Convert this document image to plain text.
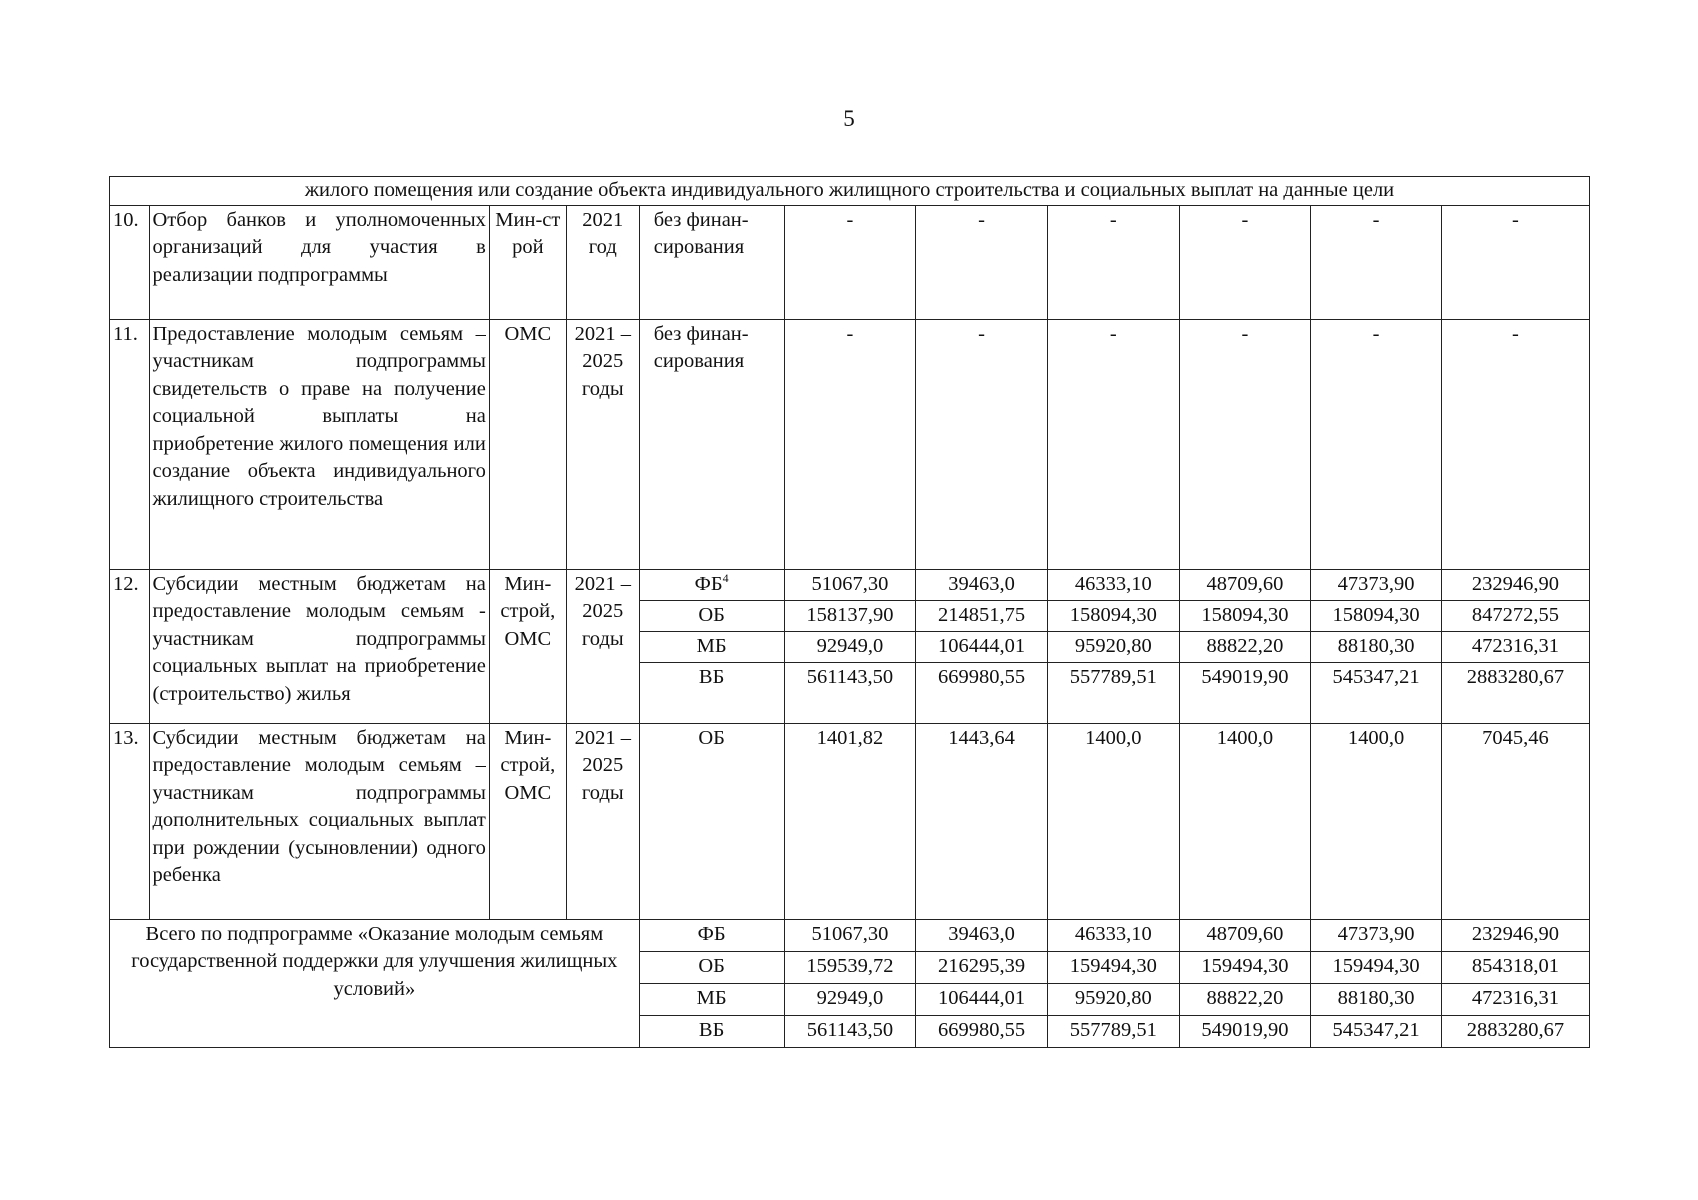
5
жилого помещения или создание объекта индивидуального жилищного строительства и социальных выплат на данные цели										
10.	Отбор банков и уполномоченных организаций для участия в реализации подпрограммы	Мин-строй	2021 год	без финан-сирования	-	-	-	-	-	-
11.	Предоставление молодым семьям – участникам подпрограммы свидетельств о праве на получение социальной выплаты на приобретение жилого помещения или создание объекта индивидуального жилищного строительства	ОМС	2021 – 2025 годы	без финан-сирования	-	-	-	-	-	-
12.	Субсидии местным бюджетам на предоставление молодым семьям - участникам подпрограммы социальных выплат на приобретение (строительство) жилья	Мин-строй, ОМС	2021 – 2025 годы	$ФБ^4$	51067,30	39463,0	46333,10	48709,60	47373,90	232946,90
				ОБ	158137,90	214851,75	158094,30	158094,30	158094,30	847272,55
				МБ	92949,0	106444,01	95920,80	88822,20	88180,30	472316,31
				ВБ	561143,50	669980,55	557789,51	549019,90	545347,21	2883280,67
13.	Субсидии местным бюджетам на предоставление молодым семьям – участникам подпрограммы дополнительных социальных выплат при рождении (усыновлении) одного ребенка	Мин-строй, ОМС	2021 – 2025 годы	ОБ	1401,82	1443,64	1400,0	1400,0	1400,0	7045,46
Всего по подпрограмме «Оказание молодым семьям государственной поддержки для улучшения жилищных условий»				ФБ	51067,30	39463,0	46333,10	48709,60	47373,90	232946,90
				ОБ	159539,72	216295,39	159494,30	159494,30	159494,30	854318,01
				МБ	92949,0	106444,01	95920,80	88822,20	88180,30	472316,31
				ВБ	561143,50	669980,55	557789,51	549019,90	545347,21	2883280,67
